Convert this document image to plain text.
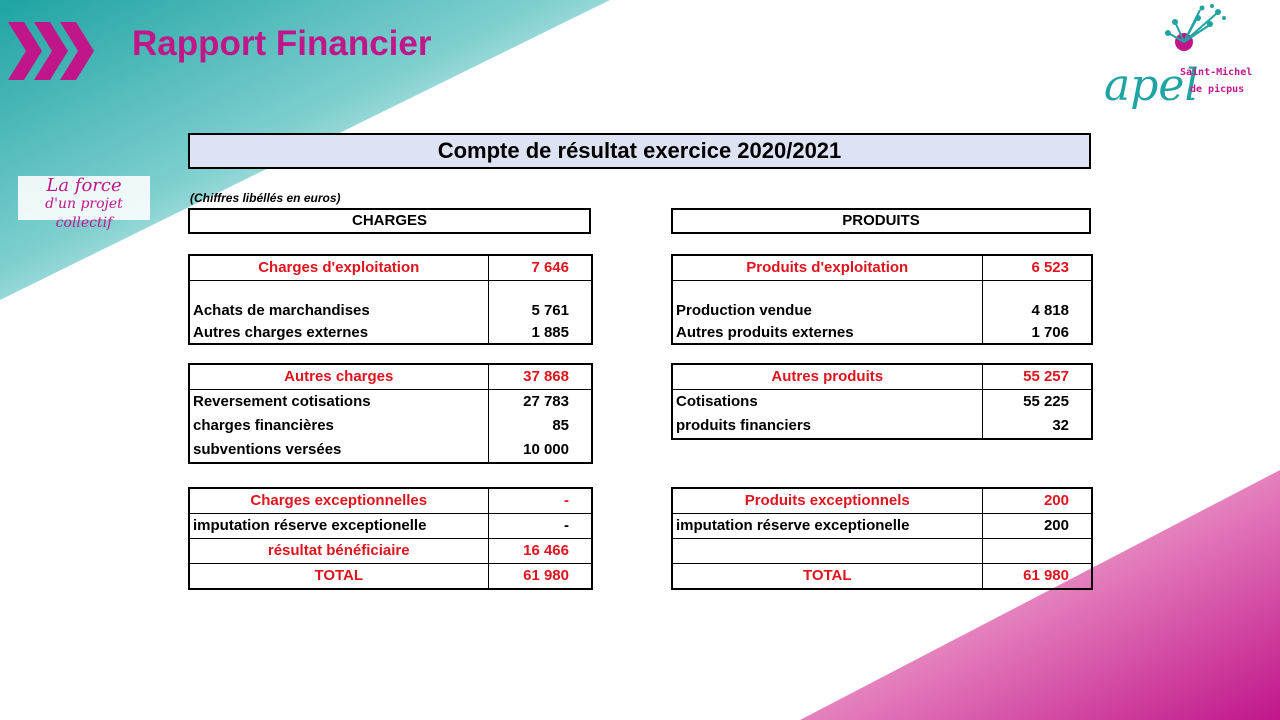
Rapport Financier
apel
Saint-Michel
de picpus
La force
d'un projet collectif
Compte de résultat exercice 2020/2021
(Chiffres libéllés en euros)
CHARGES	PRODUITS
Charges d'exploitation	7 646

Achats de marchandises	5 761
Autres charges externes	1 885
Produits d'exploitation	6 523

Production vendue	4 818
Autres produits externes	1 706
Autres charges	37 868
Reversement cotisations	27 783
charges financières	85
subventions versées	10 000
Autres produits	55 257
Cotisations	55 225
produits financiers	32
Charges exceptionnelles	-
imputation réserve exceptionelle	-
résultat bénéficiaire	16 466
TOTAL	61 980
Produits exceptionnels	200
imputation réserve exceptionelle	200

TOTAL	61 980
